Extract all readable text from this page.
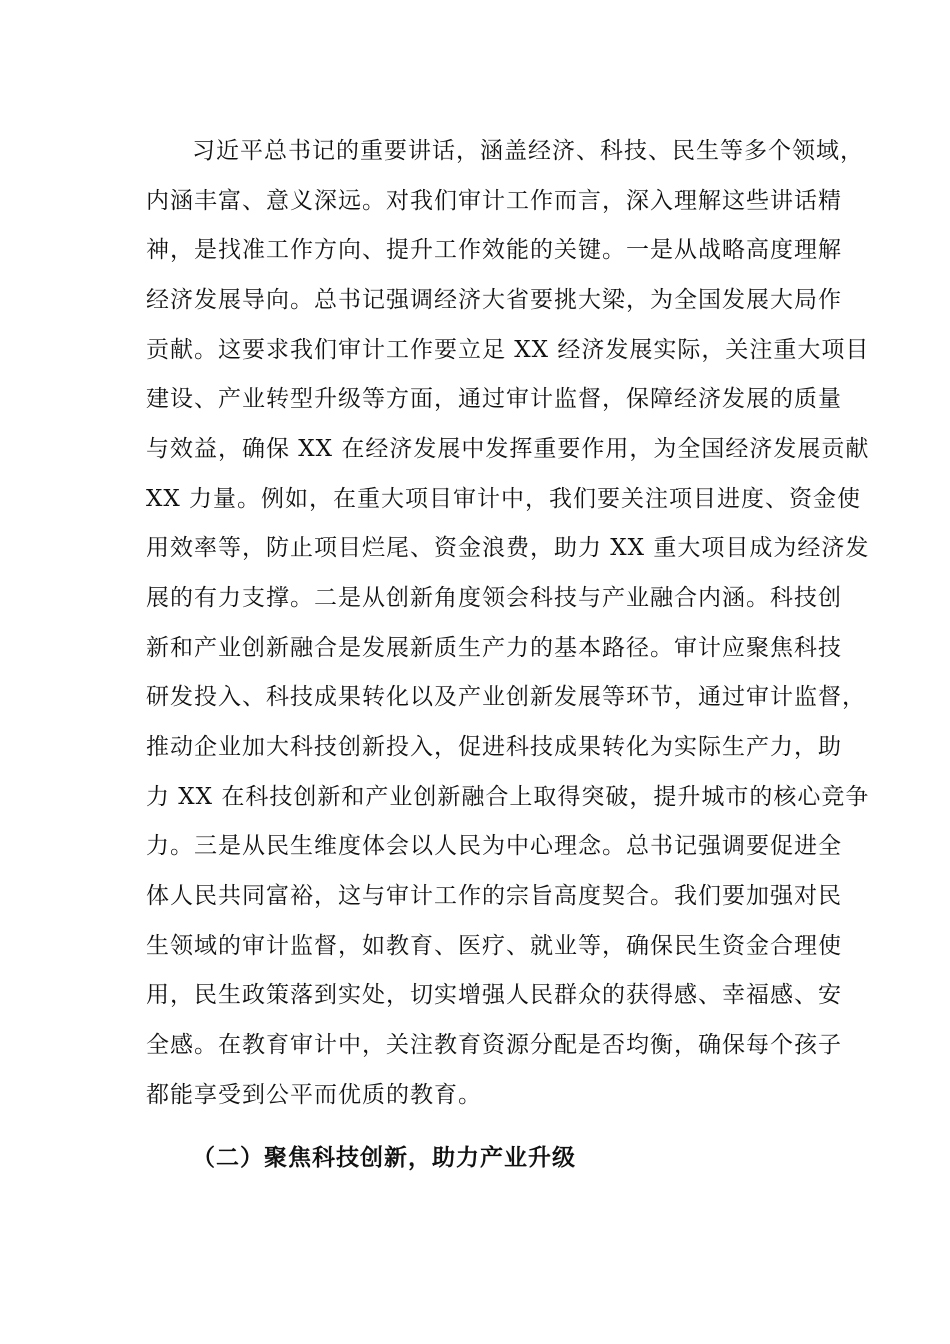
习近平总书记的重要讲话，涵盖经济、科技、民生等多个领域，
内涵丰富、意义深远。对我们审计工作而言，深入理解这些讲话精
神，是找准工作方向、提升工作效能的关键。一是从战略高度理解
经济发展导向。总书记强调经济大省要挑大梁，为全国发展大局作
贡献。这要求我们审计工作要立足 XX 经济发展实际，关注重大项目
建设、产业转型升级等方面，通过审计监督，保障经济发展的质量
与效益，确保 XX 在经济发展中发挥重要作用，为全国经济发展贡献
XX 力量。例如，在重大项目审计中，我们要关注项目进度、资金使
用效率等，防止项目烂尾、资金浪费，助力 XX 重大项目成为经济发
展的有力支撑。二是从创新角度领会科技与产业融合内涵。科技创
新和产业创新融合是发展新质生产力的基本路径。审计应聚焦科技
研发投入、科技成果转化以及产业创新发展等环节，通过审计监督，
推动企业加大科技创新投入，促进科技成果转化为实际生产力，助
力 XX 在科技创新和产业创新融合上取得突破，提升城市的核心竞争
力。三是从民生维度体会以人民为中心理念。总书记强调要促进全
体人民共同富裕，这与审计工作的宗旨高度契合。我们要加强对民
生领域的审计监督，如教育、医疗、就业等，确保民生资金合理使
用，民生政策落到实处，切实增强人民群众的获得感、幸福感、安
全感。在教育审计中，关注教育资源分配是否均衡，确保每个孩子
都能享受到公平而优质的教育。
（二）聚焦科技创新，助力产业升级
